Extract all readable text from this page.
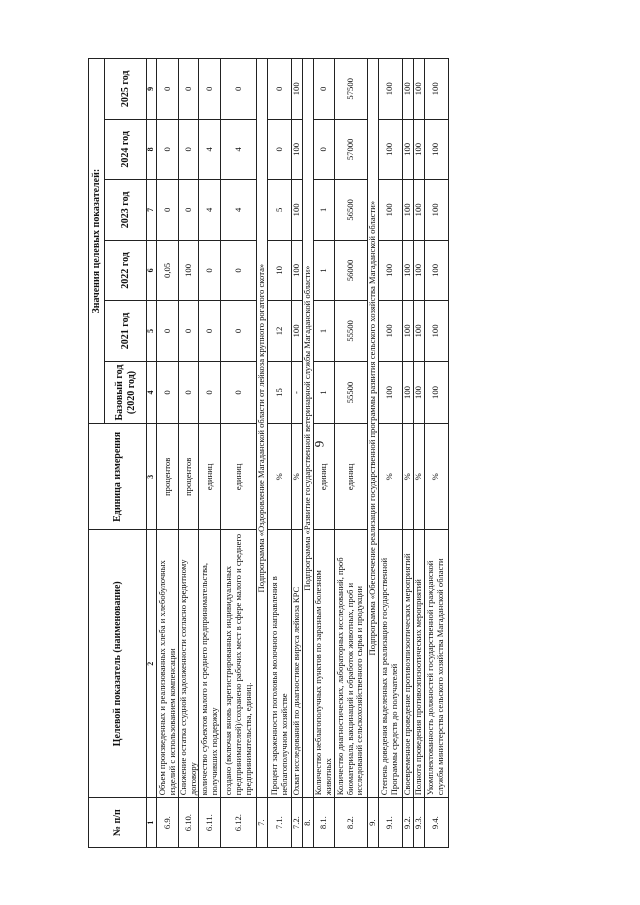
9
№ п/п	Целевой показатель (наименование)	Единица измерения	Значения целевых показателей:					
			Базовый год (2020 год)	2021 год	2022 год	2023 год	2024 год	2025 год
1	2	3	4	5	6	7	8	9
6.9.	Объем произведенных и реализованных хлеба и хлебобулочных изделий с использованием компенсации	процентов	0	0	0,05	0	0	0
6.10.	Снижение остатка ссудной задолженности согласно кредитному договору	процентов	0	0	100	0	0	0
6.11.	количество субъектов малого и среднего предпринимательства, получивших поддержку	единиц	0	0	0	4	4	0
6.12.	создано (включая вновь зарегистрированных индивидуальных предпринимателей)/сохранено рабочих мест в сфере малого и среднего предпринимательства, единиц.	единиц	0	0	0	4	4	0
7.	Подпрограмма «Оздоровление Магаданской области от лейкоза крупного рогатого скота»							
7.1.	Процент зараженности поголовья молочного направления в неблагополучном хозяйстве	%	15	12	10	5	0	0
7.2.	Охват исследований по диагностике вируса лейкоза КРС	%	-	100	100	100	100	100
8.	Подпрограмма «Развитие государственной ветеринарной службы Магаданской области»							
8.1.	Количество неблагополучных пунктов по заразным болезням животных	единиц	1	1	1	1	0	0
8.2.	Количество диагностических, лабораторных исследований, проб биоматериала, вакцинаций и обработок животных, проб и исследований сельскохозяйственного сырья и продукции	единиц	55500	55500	56000	56500	57000	57500
9.	Подпрограмма «Обеспечение реализации государственной программы развития сельского хозяйства Магаданской области»							
9.1.	Степень доведения выделенных на реализацию государственной Программы средств до получателей	%	100	100	100	100	100	100
9.2.	Своевременное проведение противоэпизоотических мероприятий	%	100	100	100	100	100	100
9.3.	Полнота проведения противоэпизоотических мероприятий	%	100	100	100	100	100	100
9.4.	Укомплектованность должностей государственной гражданской службы министерства сельского хозяйства Магаданской области	%	100	100	100	100	100	100
